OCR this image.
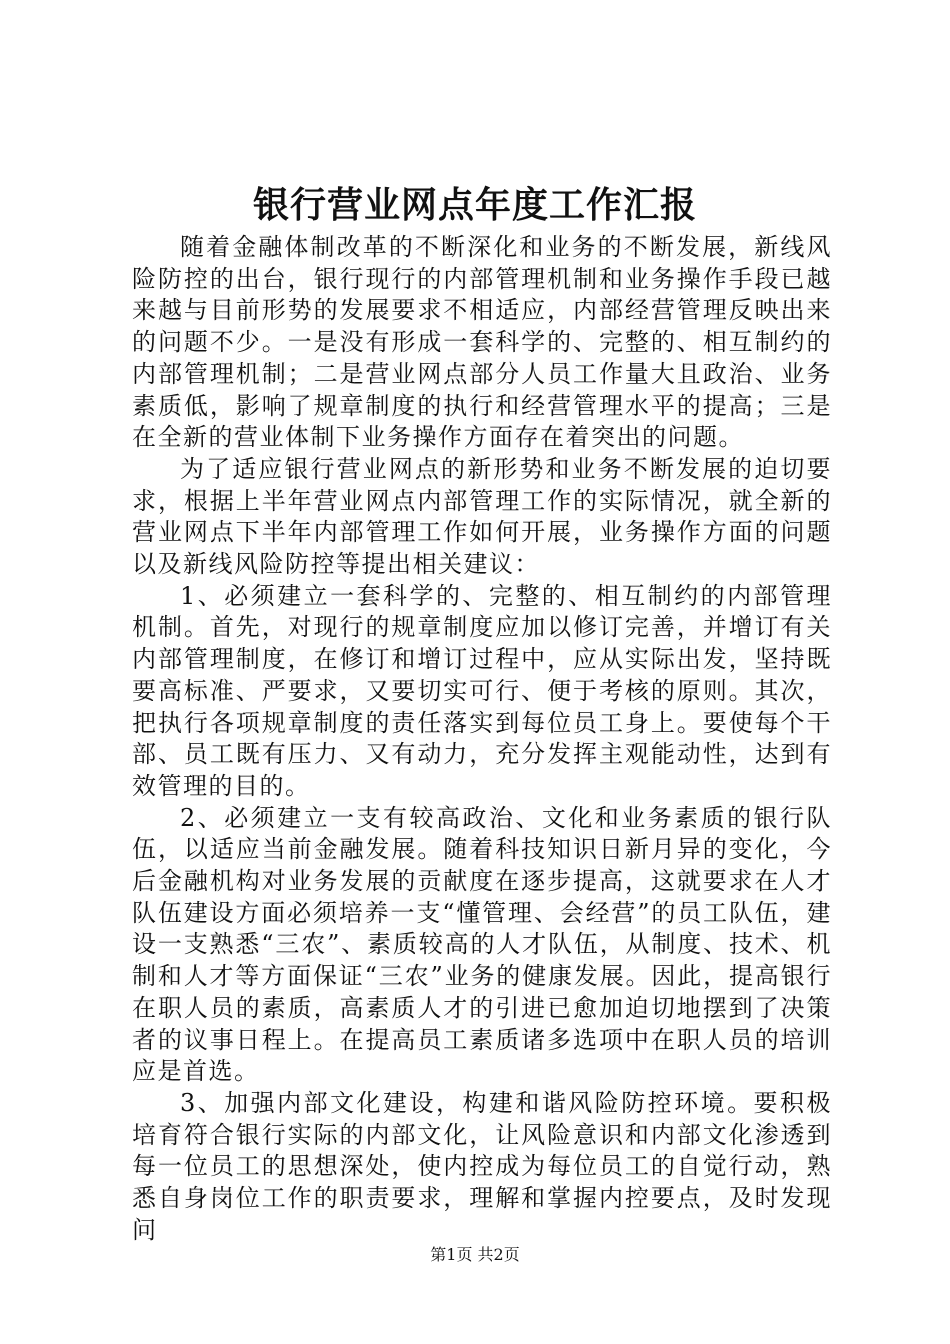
银行营业网点年度工作汇报

随着金融体制改革的不断深化和业务的不断发展，新线风险防控的出台，银行现行的内部管理机制和业务操作手段已越来越与目前形势的发展要求不相适应，内部经营管理反映出来的问题不少。一是没有形成一套科学的、完整的、相互制约的内部管理机制；二是营业网点部分人员工作量大且政治、业务素质低，影响了规章制度的执行和经营管理水平的提高；三是在全新的营业体制下业务操作方面存在着突出的问题。

为了适应银行营业网点的新形势和业务不断发展的迫切要求，根据上半年营业网点内部管理工作的实际情况，就全新的营业网点下半年内部管理工作如何开展，业务操作方面的问题以及新线风险防控等提出相关建议：

1、必须建立一套科学的、完整的、相互制约的内部管理机制。首先，对现行的规章制度应加以修订完善，并增订有关内部管理制度，在修订和增订过程中，应从实际出发，坚持既要高标准、严要求，又要切实可行、便于考核的原则。其次，把执行各项规章制度的责任落实到每位员工身上。要使每个干部、员工既有压力、又有动力，充分发挥主观能动性，达到有效管理的目的。

2、必须建立一支有较高政治、文化和业务素质的银行队伍，以适应当前金融发展。随着科技知识日新月异的变化，今后金融机构对业务发展的贡献度在逐步提高，这就要求在人才队伍建设方面必须培养一支“懂管理、会经营”的员工队伍，建设一支熟悉“三农”、素质较高的人才队伍，从制度、技术、机制和人才等方面保证“三农”业务的健康发展。因此，提高银行在职人员的素质，高素质人才的引进已愈加迫切地摆到了决策者的议事日程上。在提高员工素质诸多选项中在职人员的培训应是首选。

3、加强内部文化建设，构建和谐风险防控环境。要积极培育符合银行实际的内部文化，让风险意识和内部文化渗透到每一位员工的思想深处，使内控成为每位员工的自觉行动，熟悉自身岗位工作的职责要求，理解和掌握内控要点，及时发现问

第1页 共2页
